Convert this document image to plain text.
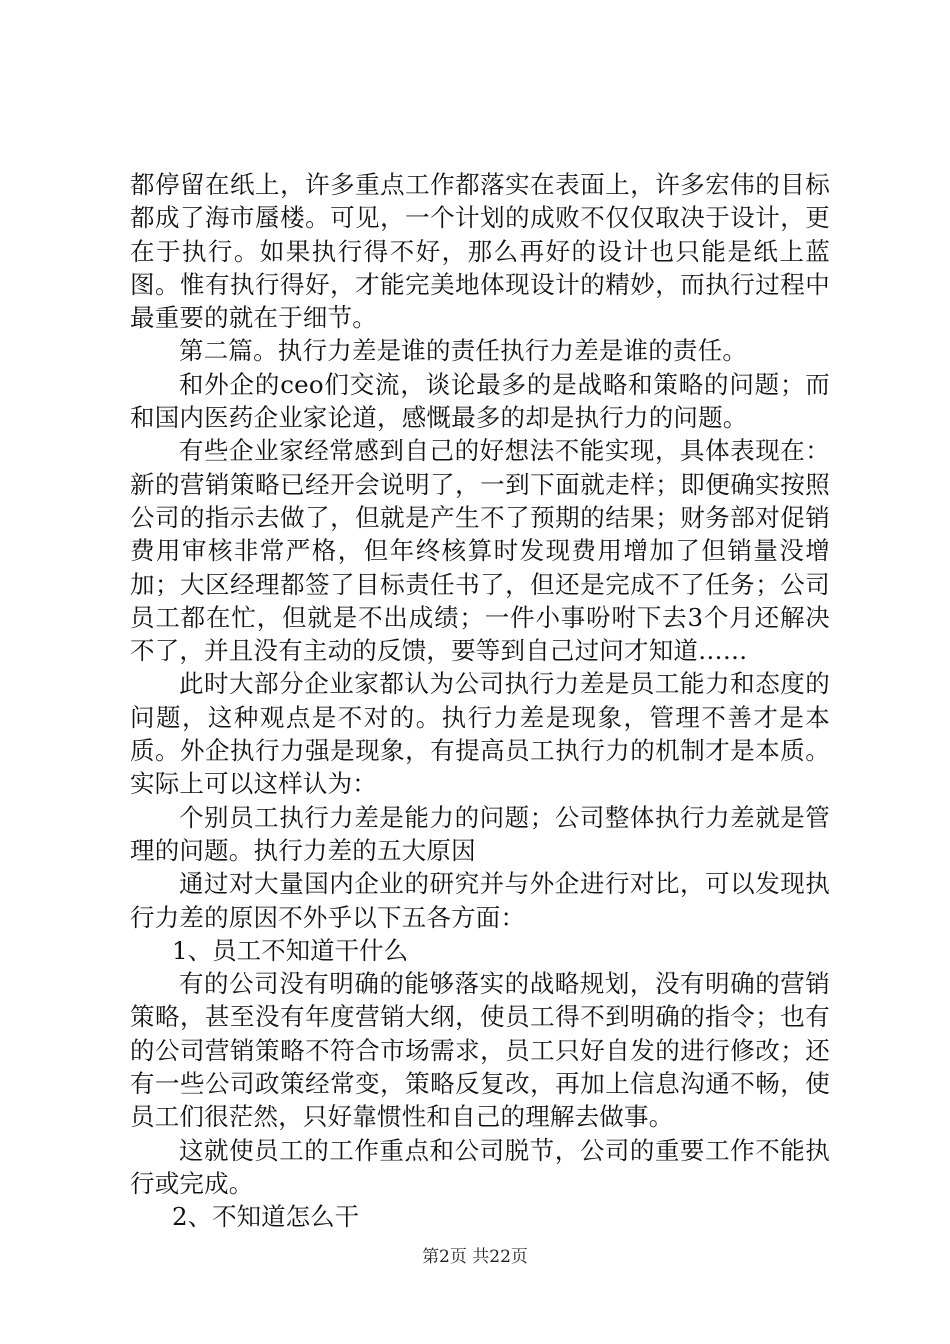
都停留在纸上，许多重点工作都落实在表面上，许多宏伟的目标都成了海市蜃楼。可见，一个计划的成败不仅仅取决于设计，更在于执行。如果执行得不好，那么再好的设计也只能是纸上蓝图。惟有执行得好，才能完美地体现设计的精妙，而执行过程中最重要的就在于细节。

第二篇。执行力差是谁的责任执行力差是谁的责任。

和外企的ceo们交流，谈论最多的是战略和策略的问题；而和国内医药企业家论道，感慨最多的却是执行力的问题。

有些企业家经常感到自己的好想法不能实现，具体表现在：新的营销策略已经开会说明了，一到下面就走样；即便确实按照公司的指示去做了，但就是产生不了预期的结果；财务部对促销费用审核非常严格，但年终核算时发现费用增加了但销量没增加；大区经理都签了目标责任书了，但还是完成不了任务；公司员工都在忙，但就是不出成绩；一件小事吩咐下去3个月还解决不了，并且没有主动的反馈，要等到自己过问才知道……

此时大部分企业家都认为公司执行力差是员工能力和态度的问题，这种观点是不对的。执行力差是现象，管理不善才是本质。外企执行力强是现象，有提高员工执行力的机制才是本质。实际上可以这样认为：

个别员工执行力差是能力的问题；公司整体执行力差就是管理的问题。执行力差的五大原因

通过对大量国内企业的研究并与外企进行对比，可以发现执行力差的原因不外乎以下五各方面：

1、员工不知道干什么

有的公司没有明确的能够落实的战略规划，没有明确的营销策略，甚至没有年度营销大纲，使员工得不到明确的指令；也有的公司营销策略不符合市场需求，员工只好自发的进行修改；还有一些公司政策经常变，策略反复改，再加上信息沟通不畅，使员工们很茫然，只好靠惯性和自己的理解去做事。

这就使员工的工作重点和公司脱节，公司的重要工作不能执行或完成。

2、不知道怎么干

第2页 共22页
